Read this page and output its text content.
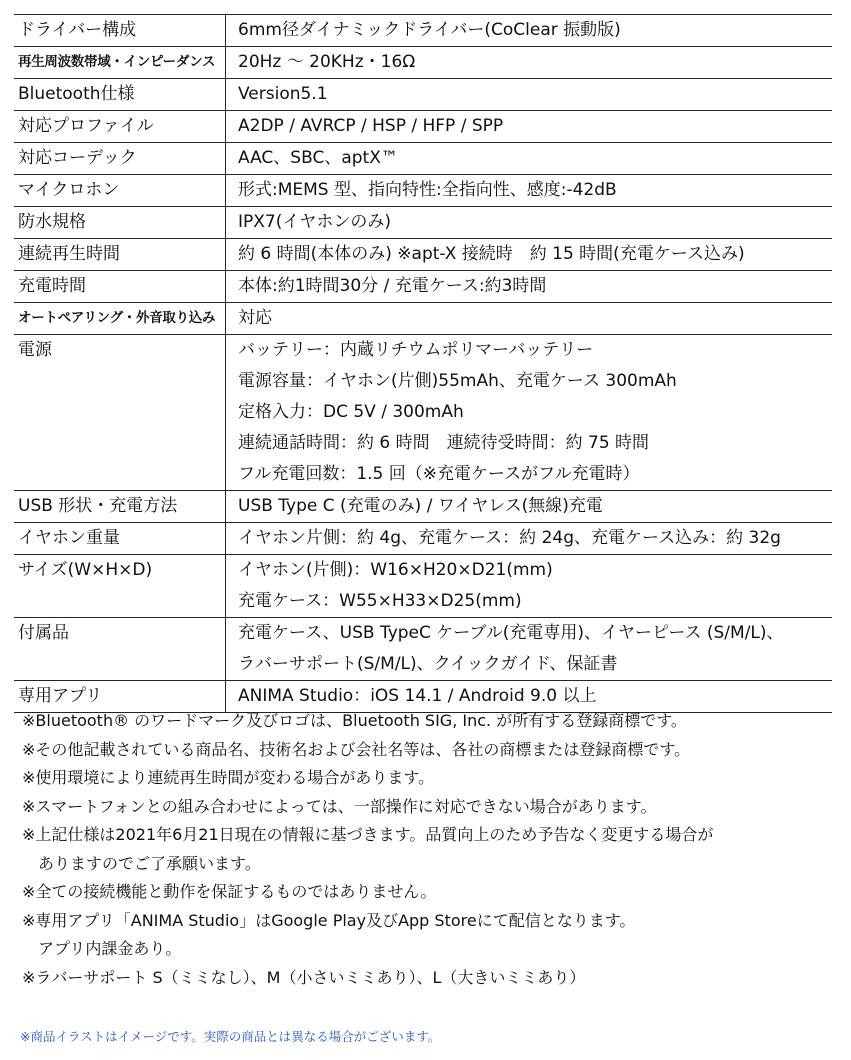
ドライバー構成	6mm径ダイナミックドライバー(CoClear 振動版)

再生周波数帯域・インピーダンス	20Hz 〜 20KHz・16Ω

Bluetooth仕様	Version5.1

対応プロファイル	A2DP / AVRCP / HSP / HFP / SPP

対応コーデック	AAC、SBC、aptX™

マイクロホン	形式:MEMS 型、指向特性:全指向性、感度:-42dB

防水規格	IPX7(イヤホンのみ)

連続再生時間	約 6 時間(本体のみ) ※apt-X 接続時　約 15 時間(充電ケース込み)

充電時間	本体:約1時間30分 / 充電ケース:約3時間

オートペアリング・外音取り込み	対応

電源	バッテリー：内蔵リチウムポリマーバッテリー
電源容量：イヤホン(片側)55mAh、充電ケース 300mAh
定格入力：DC 5V / 300mAh
連続通話時間：約 6 時間　連続待受時間：約 75 時間
フル充電回数：1.5 回（※充電ケースがフル充電時）

USB 形状・充電方法	USB Type C (充電のみ) / ワイヤレス(無線)充電

イヤホン重量	イヤホン片側：約 4g、充電ケース：約 24g、充電ケース込み：約 32g

サイズ(W×H×D)	イヤホン(片側)：W16×H20×D21(mm)
充電ケース：W55×H33×D25(mm)

付属品	充電ケース、USB TypeC ケーブル(充電専用)、イヤーピース (S/M/L)、
ラバーサポート(S/M/L)、クイックガイド、保証書

専用アプリ	ANIMA Studio：iOS 14.1 / Android 9.0 以上
※Bluetooth® のワードマーク及びロゴは、Bluetooth SIG, Inc. が所有する登録商標です。
※その他記載されている商品名、技術名および会社名等は、各社の商標または登録商標です。
※使用環境により連続再生時間が変わる場合があります。
※スマートフォンとの組み合わせによっては、一部操作に対応できない場合があります。
※上記仕様は2021年6月21日現在の情報に基づきます。品質向上のため予告なく変更する場合が
　ありますのでご了承願います。
※全ての接続機能と動作を保証するものではありません。
※専用アプリ「ANIMA Studio」はGoogle Play及びApp Storeにて配信となります。
　アプリ内課金あり。
※ラバーサポート S（ミミなし）、M（小さいミミあり）、L（大きいミミあり）
※商品イラストはイメージです。実際の商品とは異なる場合がございます。
